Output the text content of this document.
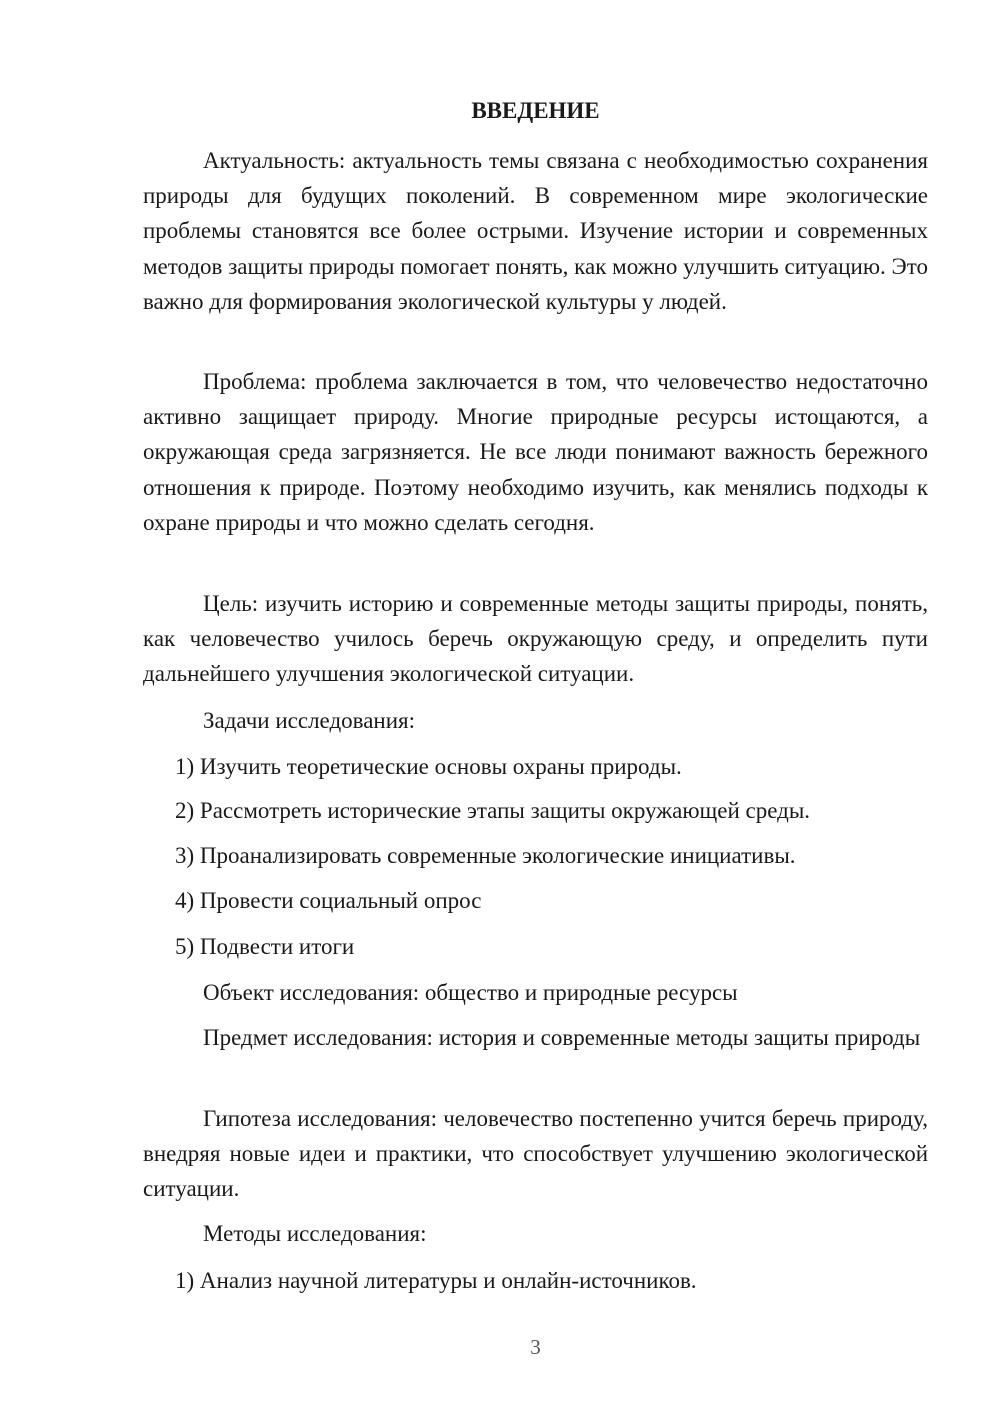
ВВЕДЕНИЕ

Актуальность: актуальность темы связана с необходимостью сохранения природы для будущих поколений. В современном мире экологические проблемы становятся все более острыми. Изучение истории и современных методов защиты природы помогает понять, как можно улучшить ситуацию. Это важно для формирования экологической культуры у людей.

Проблема: проблема заключается в том, что человечество недостаточно активно защищает природу. Многие природные ресурсы истощаются, а окружающая среда загрязняется. Не все люди понимают важность бережного отношения к природе. Поэтому необходимо изучить, как менялись подходы к охране природы и что можно сделать сегодня.

Цель: изучить историю и современные методы защиты природы, понять, как человечество училось беречь окружающую среду, и определить пути дальнейшего улучшения экологической ситуации.

Задачи исследования:

1) Изучить теоретические основы охраны природы.

2) Рассмотреть исторические этапы защиты окружающей среды.

3) Проанализировать современные экологические инициативы.

4) Провести социальный опрос

5) Подвести итоги

Объект исследования: общество и природные ресурсы

Предмет исследования: история и современные методы защиты природы

Гипотеза исследования: человечество постепенно учится беречь природу, внедряя новые идеи и практики, что способствует улучшению экологической ситуации.

Методы исследования:

1) Анализ научной литературы и онлайн-источников.

3
